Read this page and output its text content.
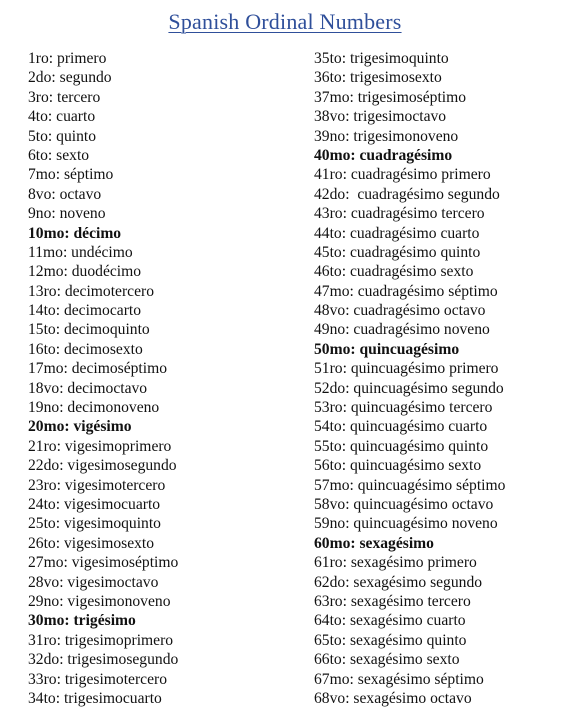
Spanish Ordinal Numbers
1ro: primero
2do: segundo
3ro: tercero
4to: cuarto
5to: quinto
6to: sexto
7mo: séptimo
8vo: octavo
9no: noveno
10mo: décimo
11mo: undécimo
12mo: duodécimo
13ro: decimotercero
14to: decimocarto
15to: decimoquinto
16to: decimosexto
17mo: decimoséptimo
18vo: decimoctavo
19no: decimonoveno
20mo: vigésimo
21ro: vigesimoprimero
22do: vigesimosegundo
23ro: vigesimotercero
24to: vigesimocuarto
25to: vigesimoquinto
26to: vigesimosexto
27mo: vigesimoséptimo
28vo: vigesimoctavo
29no: vigesimonoveno
30mo: trigésimo
31ro: trigesimoprimero
32do: trigesimosegundo
33ro: trigesimotercero
34to: trigesimocuarto
35to: trigesimoquinto
36to: trigesimosexto
37mo: trigesimoséptimo
38vo: trigesimoctavo
39no: trigesimonoveno
40mo: cuadragésimo
41ro: cuadragésimo primero
42do:  cuadragésimo segundo
43ro: cuadragésimo tercero
44to: cuadragésimo cuarto
45to: cuadragésimo quinto
46to: cuadragésimo sexto
47mo: cuadragésimo séptimo
48vo: cuadragésimo octavo
49no: cuadragésimo noveno
50mo: quincuagésimo
51ro: quincuagésimo primero
52do: quincuagésimo segundo
53ro: quincuagésimo tercero
54to: quincuagésimo cuarto
55to: quincuagésimo quinto
56to: quincuagésimo sexto
57mo: quincuagésimo séptimo
58vo: quincuagésimo octavo
59no: quincuagésimo noveno
60mo: sexagésimo
61ro: sexagésimo primero
62do: sexagésimo segundo
63ro: sexagésimo tercero
64to: sexagésimo cuarto
65to: sexagésimo quinto
66to: sexagésimo sexto
67mo: sexagésimo séptimo
68vo: sexagésimo octavo
